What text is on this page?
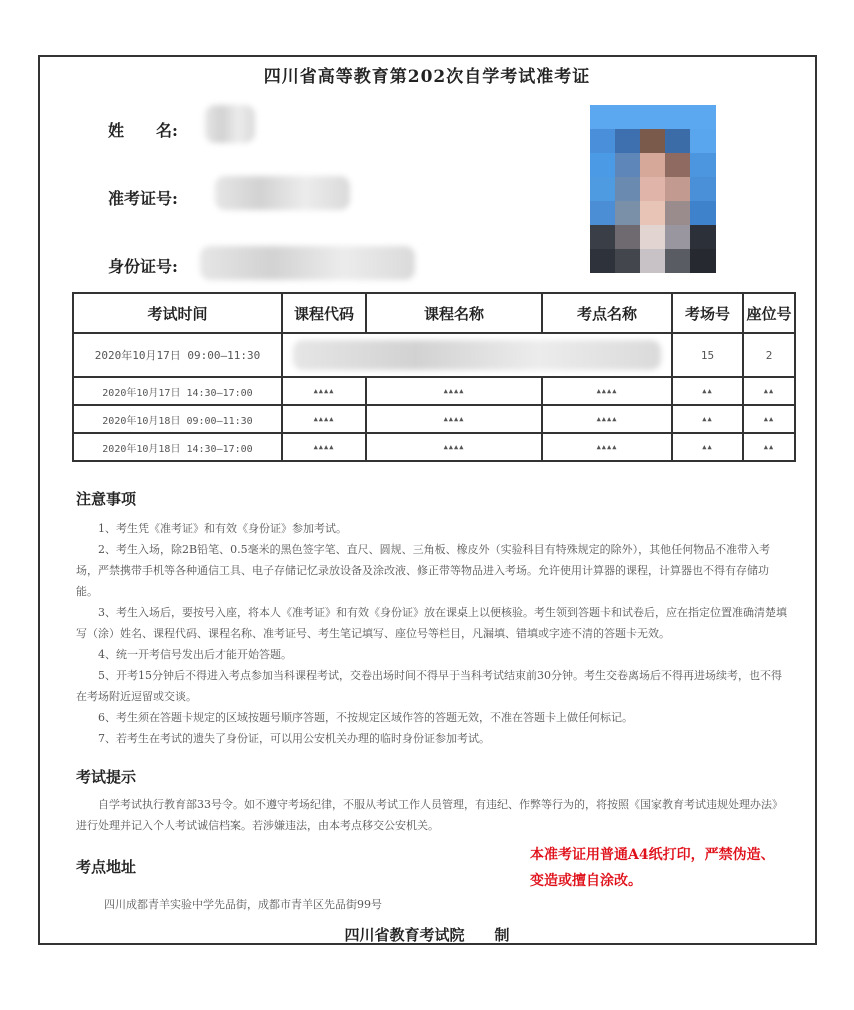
四川省高等教育第202次自学考试准考证
姓　　名:
准考证号:
身份证号:
考试时间	课程代码	课程名称	考点名称	考场号	座位号
2020年10月17日 09:00—11:30				15	2
2020年10月17日 14:30—17:00	▲▲▲▲	▲▲▲▲	▲▲▲▲	▲▲	▲▲
2020年10月18日 09:00—11:30	▲▲▲▲	▲▲▲▲	▲▲▲▲	▲▲	▲▲
2020年10月18日 14:30—17:00	▲▲▲▲	▲▲▲▲	▲▲▲▲	▲▲	▲▲
注意事项

1、考生凭《准考证》和有效《身份证》参加考试。

2、考生入场，除2B铅笔、0.5毫米的黑色签字笔、直尺、圆规、三角板、橡皮外（实验科目有特殊规定的除外），其他任何物品不准带入考场，严禁携带手机等各种通信工具、电子存储记忆录放设备及涂改液、修正带等物品进入考场。允许使用计算器的课程，计算器也不得有存储功能。

3、考生入场后，要按号入座，将本人《准考证》和有效《身份证》放在课桌上以便核验。考生领到答题卡和试卷后，应在指定位置准确清楚填写（涂）姓名、课程代码、课程名称、准考证号、考生笔记填写、座位号等栏目，凡漏填、错填或字迹不清的答题卡无效。

4、统一开考信号发出后才能开始答题。

5、开考15分钟后不得进入考点参加当科课程考试，交卷出场时间不得早于当科考试结束前30分钟。考生交卷离场后不得再进场续考，也不得在考场附近逗留或交谈。

6、考生须在答题卡规定的区域按题号顺序答题，不按规定区域作答的答题无效，不准在答题卡上做任何标记。

7、若考生在考试的遗失了身份证，可以用公安机关办理的临时身份证参加考试。

考试提示
自学考试执行教育部33号令。如不遵守考场纪律，不服从考试工作人员管理，有违纪、作弊等行为的，将按照《国家教育考试违规处理办法》进行处理并记入个人考试诚信档案。若涉嫌违法，由本考点移交公安机关。
考点地址
本准考证用普通A4纸打印，严禁伪造、变造或擅自涂改。
四川成都青羊实验中学先品街，成都市青羊区先品街99号
四川省教育考试院　　制
